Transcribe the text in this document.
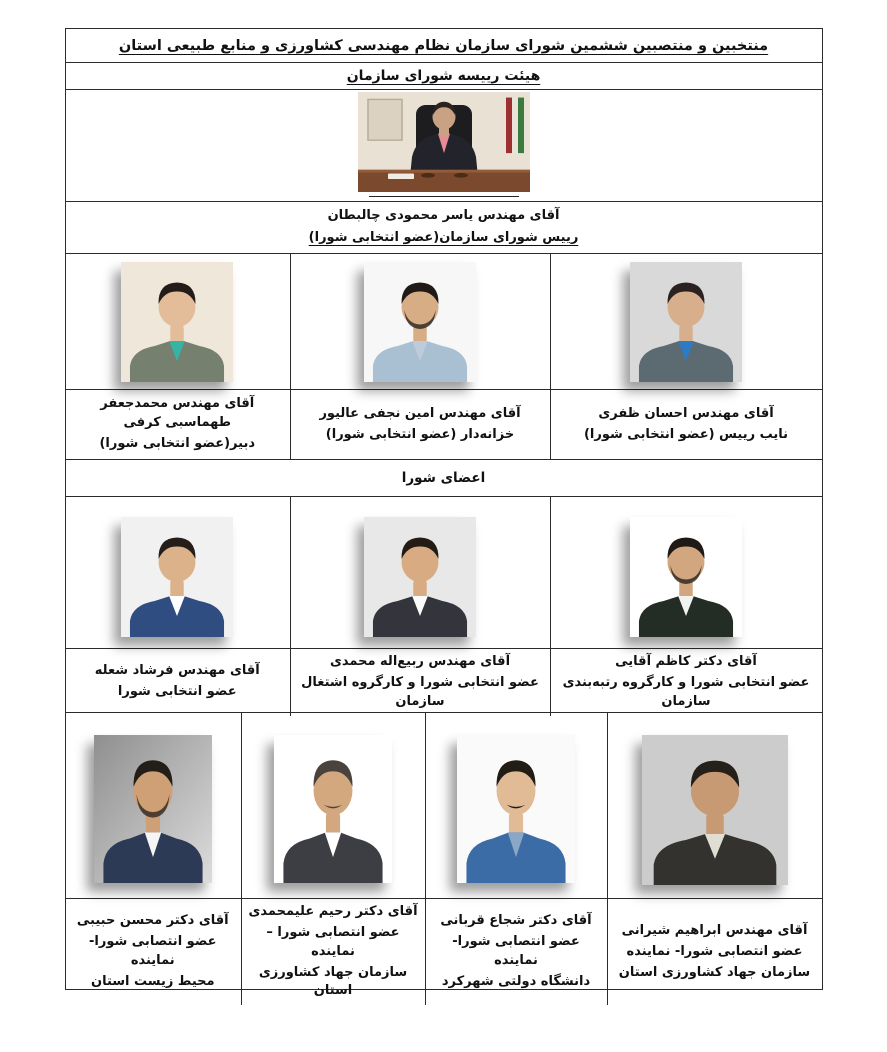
منتخبین و منتصبین ششمین شورای سازمان نظام مهندسی کشاورزی و منابع طبیعی استان
هیئت رییسه شورای سازمان
آقای مهندس یاسر محمودی چالبطان
رییس شورای سازمان(عضو انتخابی شورا)
آقای مهندس احسان ظفری
نایب رییس (عضو انتخابی شورا)
آقای مهندس امین نجفی عالیور
خزانه‌دار (عضو انتخابی شورا)
آقای مهندس محمدجعفر طهماسبی کرفی
دبیر(عضو انتخابی شورا)
اعضای شورا
آقای دکتر کاظم آقایی
عضو انتخابی شورا و کارگروه رتبه‌بندی سازمان
آقای مهندس ربیع‌اله محمدی
عضو انتخابی شورا و کارگروه اشتغال سازمان
آقای مهندس فرشاد شعله
عضو انتخابی شورا
آقای مهندس ابراهیم شیرانی
عضو انتصابی شورا- نماینده
سازمان جهاد کشاورزی استان
آقای دکتر شجاع قربانی
عضو انتصابی شورا- نماینده
دانشگاه دولتی شهرکرد
آقای دکتر رحیم علیمحمدی
عضو انتصابی شورا –نماینده
سازمان جهاد کشاورزی استان
آقای دکتر محسن حبیبی
عضو انتصابی شورا- نماینده
محیط زیست استان
